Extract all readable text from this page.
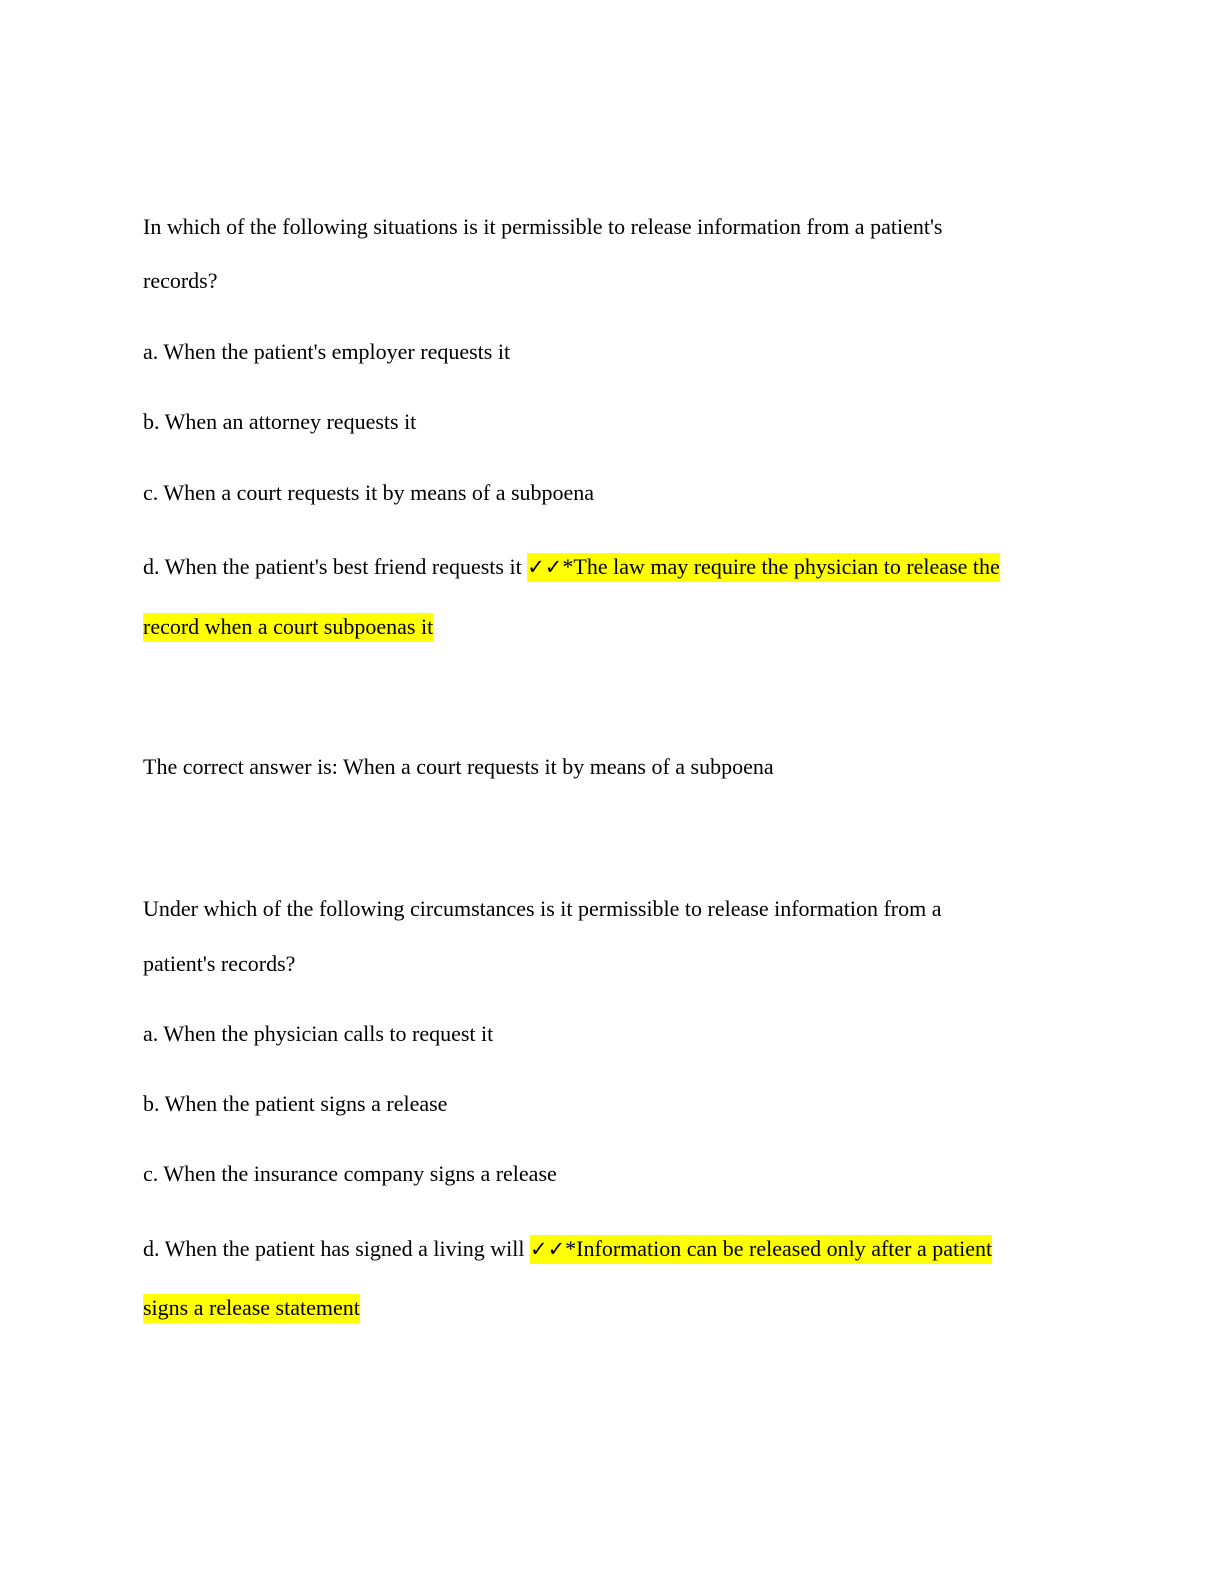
In which of the following situations is it permissible to release information from a patient's
records?
a. When the patient's employer requests it
b. When an attorney requests it
c. When a court requests it by means of a subpoena
d. When the patient's best friend requests it ✓✓*The law may require the physician to release the
record when a court subpoenas it
The correct answer is: When a court requests it by means of a subpoena
Under which of the following circumstances is it permissible to release information from a
patient's records?
a. When the physician calls to request it
b. When the patient signs a release
c. When the insurance company signs a release
d. When the patient has signed a living will ✓✓*Information can be released only after a patient
signs a release statement
